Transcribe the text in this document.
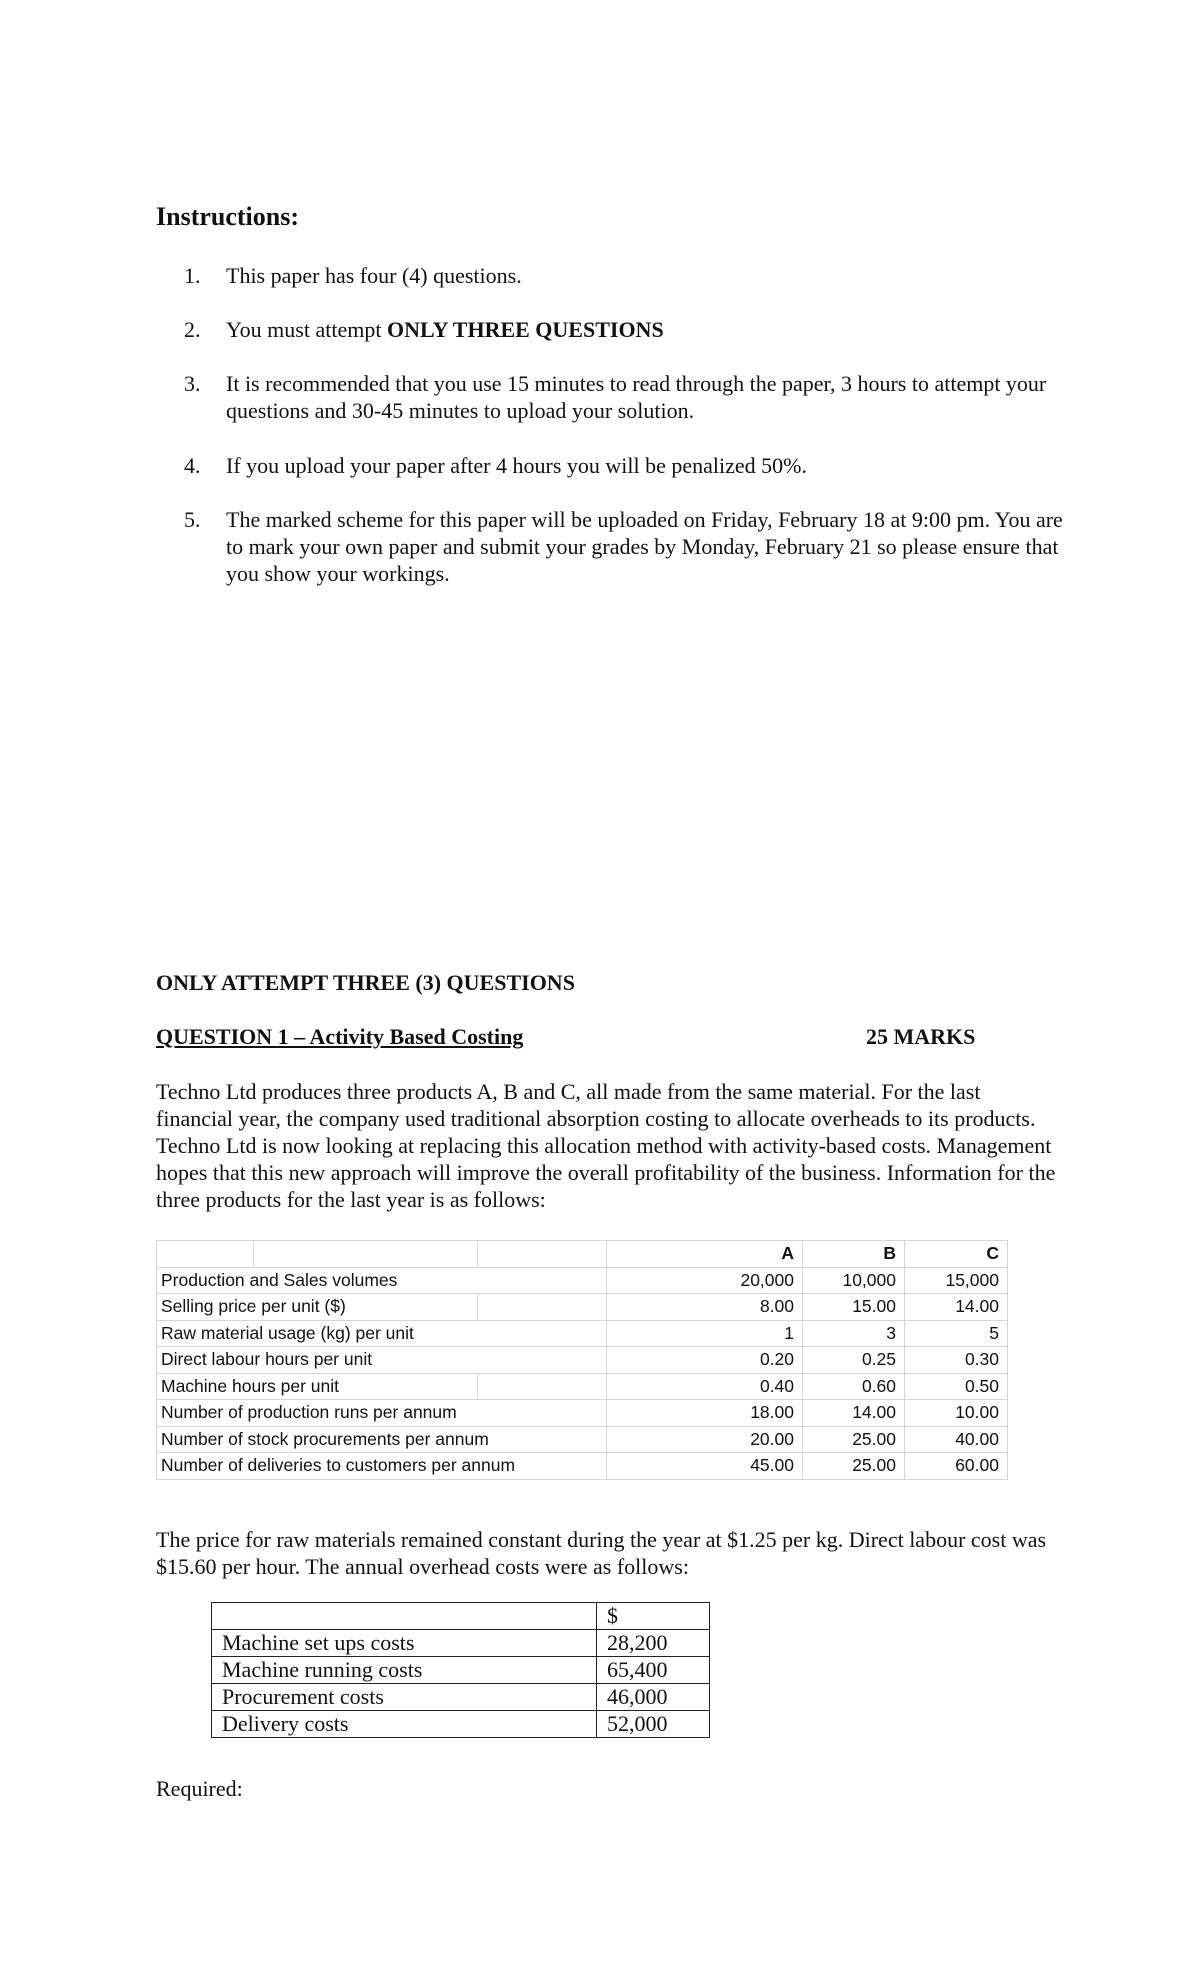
Instructions:
1. This paper has four (4) questions.
2. You must attempt ONLY THREE QUESTIONS
3. It is recommended that you use 15 minutes to read through the paper, 3 hours to attempt your questions and 30-45 minutes to upload your solution.
4. If you upload your paper after 4 hours you will be penalized 50%.
5. The marked scheme for this paper will be uploaded on Friday, February 18 at 9:00 pm. You are to mark your own paper and submit your grades by Monday, February 21 so please ensure that you show your workings.
ONLY ATTEMPT THREE (3) QUESTIONS
QUESTION 1 – Activity Based Costing	25 MARKS
Techno Ltd produces three products A, B and C, all made from the same material. For the last financial year, the company used traditional absorption costing to allocate overheads to its products. Techno Ltd is now looking at replacing this allocation method with activity-based costs. Management hopes that this new approach will improve the overall profitability of the business. Information for the three products for the last year is as follows:
			A	B	C
Production and Sales volumes			20,000	10,000	15,000
Selling price per unit ($)			8.00	15.00	14.00
Raw material usage (kg) per unit			1	3	5
Direct labour hours per unit			0.20	0.25	0.30
Machine hours per unit			0.40	0.60	0.50
Number of production runs per annum			18.00	14.00	10.00
Number of stock procurements per annum			20.00	25.00	40.00
Number of deliveries to customers per annum			45.00	25.00	60.00
The price for raw materials remained constant during the year at $1.25 per kg. Direct labour cost was $15.60 per hour. The annual overhead costs were as follows:
	$
Machine set ups costs	28,200
Machine running costs	65,400
Procurement costs	46,000
Delivery costs	52,000
Required:
